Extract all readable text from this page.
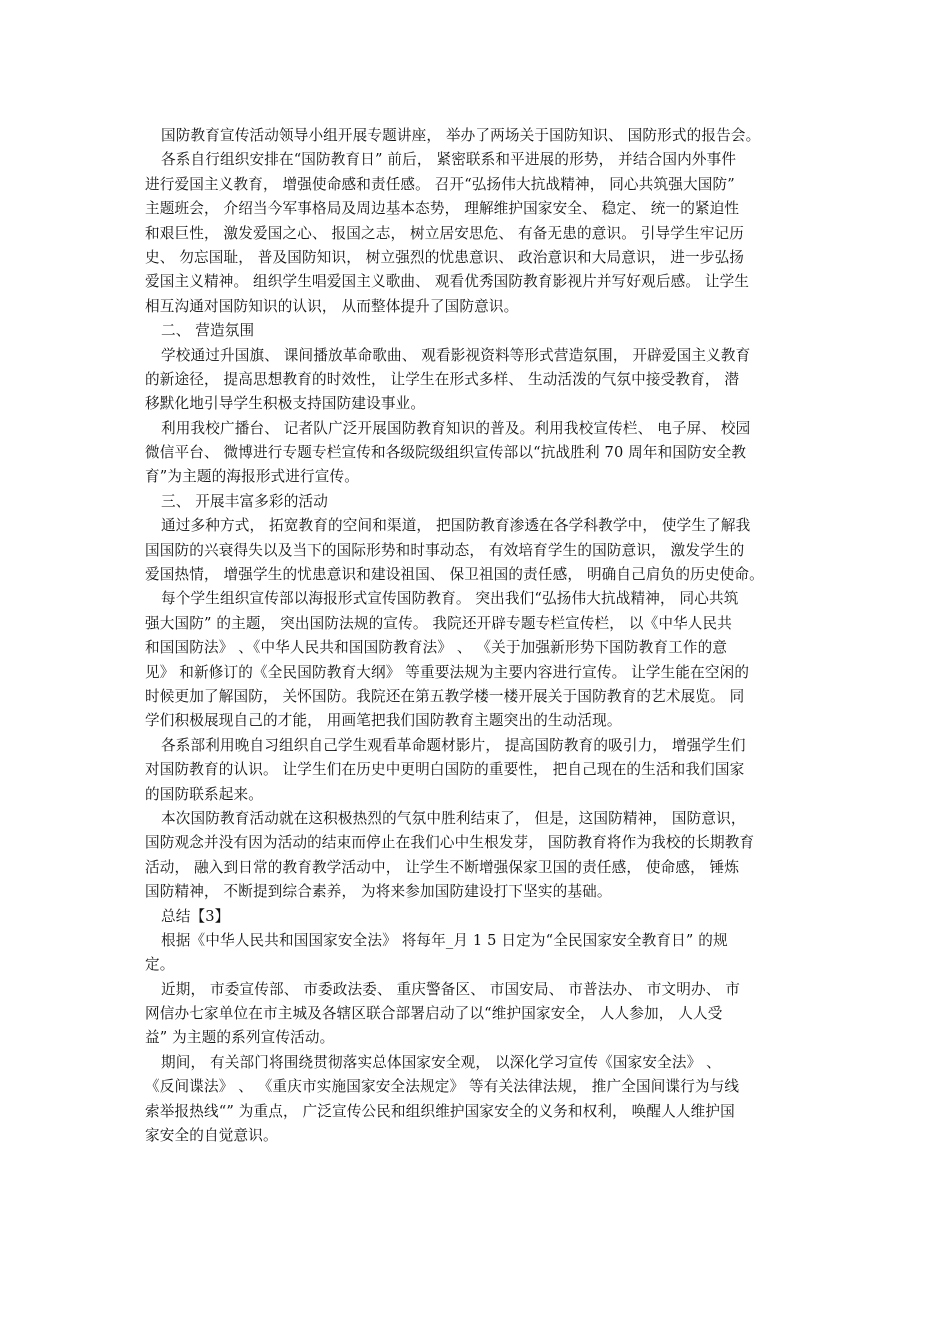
国防教育宣传活动领导小组开展专题讲座， 举办了两场关于国防知识、 国防形式的报告会。
各系自行组织安排在“国防教育日” 前后， 紧密联系和平进展的形势， 并结合国内外事件
进行爱国主义教育， 增强使命感和责任感。 召开“弘扬伟大抗战精神， 同心共筑强大国防”
主题班会， 介绍当今军事格局及周边基本态势， 理解维护国家安全、 稳定、 统一的紧迫性
和艰巨性， 激发爱国之心、 报国之志， 树立居安思危、 有备无患的意识。 引导学生牢记历
史、 勿忘国耻， 普及国防知识， 树立强烈的忧患意识、 政治意识和大局意识， 进一步弘扬
爱国主义精神。 组织学生唱爱国主义歌曲、 观看优秀国防教育影视片并写好观后感。 让学生
相互沟通对国防知识的认识， 从而整体提升了国防意识。
二、 营造氛围
学校通过升国旗、 课间播放革命歌曲、 观看影视资料等形式营造氛围， 开辟爱国主义教育
的新途径， 提高思想教育的时效性， 让学生在形式多样、 生动活泼的气氛中接受教育， 潜
移默化地引导学生积极支持国防建设事业。
利用我校广播台、 记者队广泛开展国防教育知识的普及。利用我校宣传栏、 电子屏、 校园
微信平台、 微博进行专题专栏宣传和各级院级组织宣传部以“抗战胜利 70 周年和国防安全教
育”为主题的海报形式进行宣传。
三、 开展丰富多彩的活动
通过多种方式， 拓宽教育的空间和渠道， 把国防教育渗透在各学科教学中， 使学生了解我
国国防的兴衰得失以及当下的国际形势和时事动态， 有效培育学生的国防意识， 激发学生的
爱国热情， 增强学生的忧患意识和建设祖国、 保卫祖国的责任感， 明确自己肩负的历史使命。
每个学生组织宣传部以海报形式宣传国防教育。 突出我们“弘扬伟大抗战精神， 同心共筑
强大国防” 的主题， 突出国防法规的宣传。 我院还开辟专题专栏宣传栏， 以《中华人民共
和国国防法》 、《中华人民共和国国防教育法》 、 《关于加强新形势下国防教育工作的意
见》 和新修订的《全民国防教育大纲》 等重要法规为主要内容进行宣传。 让学生能在空闲的
时候更加了解国防， 关怀国防。我院还在第五教学楼一楼开展关于国防教育的艺术展览。 同
学们积极展现自己的才能， 用画笔把我们国防教育主题突出的生动活现。
各系部利用晚自习组织自己学生观看革命题材影片， 提高国防教育的吸引力， 增强学生们
对国防教育的认识。 让学生们在历史中更明白国防的重要性， 把自己现在的生活和我们国家
的国防联系起来。
本次国防教育活动就在这积极热烈的气氛中胜利结束了， 但是，这国防精神， 国防意识，
国防观念并没有因为活动的结束而停止在我们心中生根发芽， 国防教育将作为我校的长期教育
活动， 融入到日常的教育教学活动中， 让学生不断增强保家卫国的责任感， 使命感， 锤炼
国防精神， 不断提到综合素养， 为将来参加国防建设打下坚实的基础。
总结【3】
根据《中华人民共和国国家安全法》 将每年_月 1 5 日定为“全民国家安全教育日” 的规
定。
近期， 市委宣传部、 市委政法委、 重庆警备区、 市国安局、 市普法办、 市文明办、 市
网信办七家单位在市主城及各辖区联合部署启动了以“维护国家安全， 人人参加， 人人受
益” 为主题的系列宣传活动。
期间， 有关部门将围绕贯彻落实总体国家安全观， 以深化学习宣传《国家安全法》 、
《反间谍法》 、 《重庆市实施国家安全法规定》 等有关法律法规， 推广全国间谍行为与线
索举报热线“” 为重点， 广泛宣传公民和组织维护国家安全的义务和权利， 唤醒人人维护国
家安全的自觉意识。
